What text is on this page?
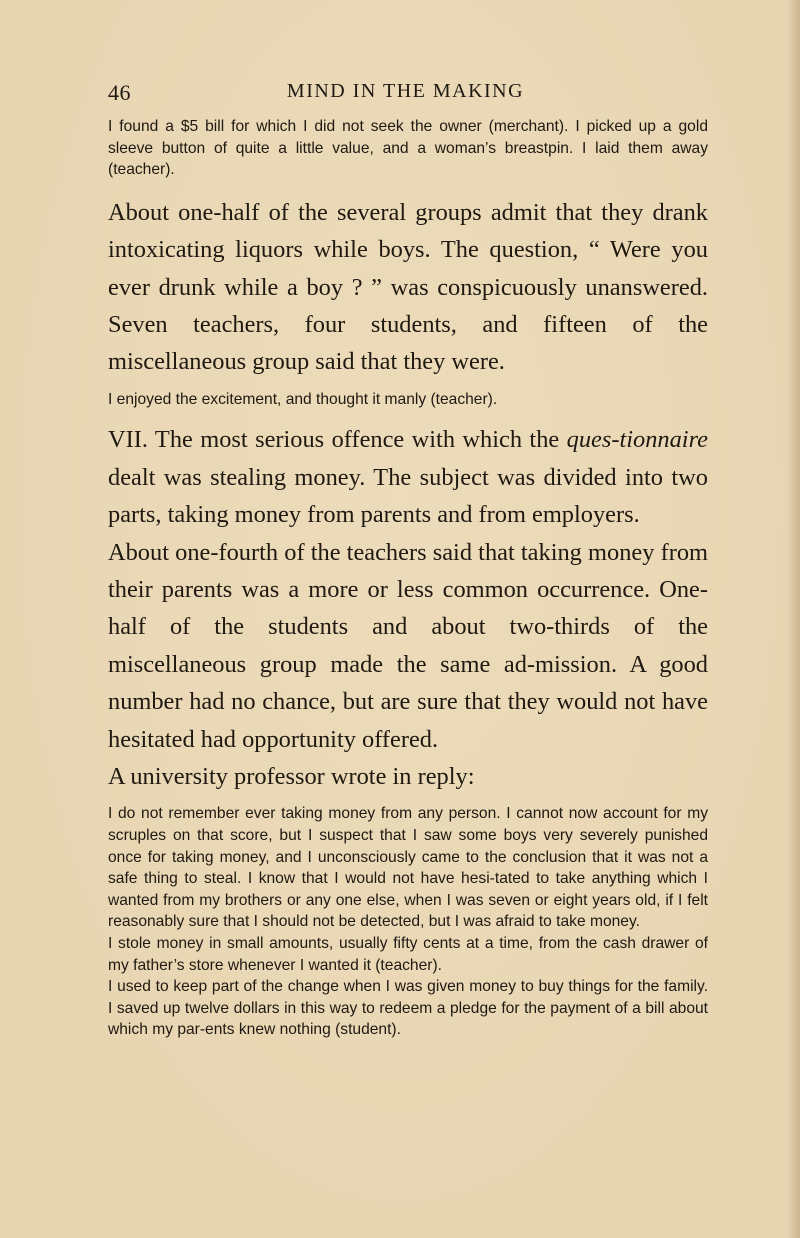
46	MIND IN THE MAKING

I found a $5 bill for which I did not seek the owner (merchant). I picked up a gold sleeve button of quite a little value, and a woman’s breastpin. I laid them away (teacher).

About one-half of the several groups admit that they drank intoxicating liquors while boys. The question, “ Were you ever drunk while a boy ? ” was conspicuously unanswered. Seven teachers, four students, and fifteen of the miscellaneous group said that they were.

I enjoyed the excitement, and thought it manly (teacher).

VII. The most serious offence with which the ques-tionnaire dealt was stealing money. The subject was divided into two parts, taking money from parents and from employers.

About one-fourth of the teachers said that taking money from their parents was a more or less common occurrence. One-half of the students and about two-thirds of the miscellaneous group made the same ad-mission. A good number had no chance, but are sure that they would not have hesitated had opportunity offered.

A university professor wrote in reply:

I do not remember ever taking money from any person. I cannot now account for my scruples on that score, but I suspect that I saw some boys very severely punished once for taking money, and I unconsciously came to the conclusion that it was not a safe thing to steal. I know that I would not have hesi-tated to take anything which I wanted from my brothers or any one else, when I was seven or eight years old, if I felt reasonably sure that I should not be detected, but I was afraid to take money.

I stole money in small amounts, usually fifty cents at a time, from the cash drawer of my father’s store whenever I wanted it (teacher).

I used to keep part of the change when I was given money to buy things for the family. I saved up twelve dollars in this way to redeem a pledge for the payment of a bill about which my par-ents knew nothing (student).
